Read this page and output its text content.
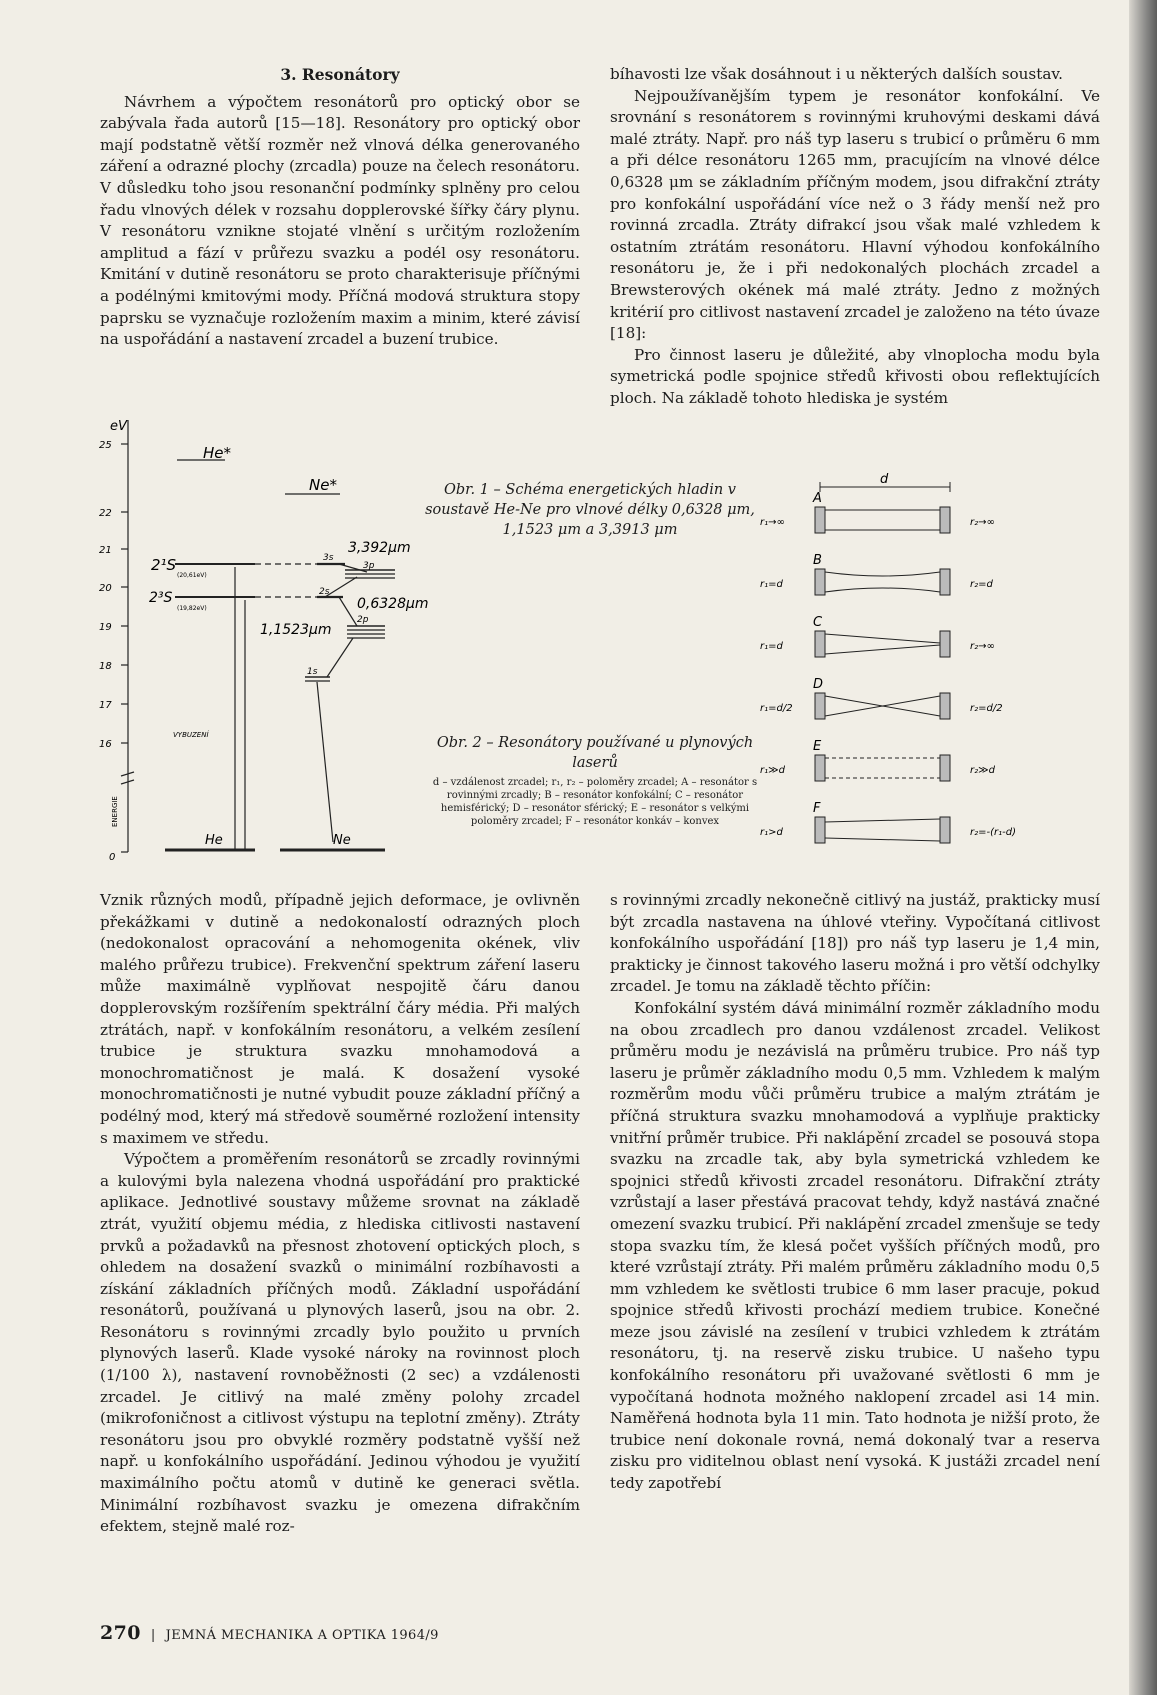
3. Resonátory

Návrhem a výpočtem resonátorů pro optický obor se zabývala řada autorů [15—18]. Resonátory pro optický obor mají podstatně větší rozměr než vlnová délka generovaného záření a odrazné plochy (zrcadla) pouze na čelech resonátoru. V důsledku toho jsou resonanční podmínky splněny pro celou řadu vlnových délek v rozsahu dopplerovské šířky čáry plynu. V resonátoru vznikne stojaté vlnění s určitým rozložením amplitud a fází v průřezu svazku a podél osy resonátoru. Kmitání v dutině resonátoru se proto charakterisuje příčnými a podélnými kmitovými mody. Příčná modová struktura stopy paprsku se vyznačuje rozložením maxim a minim, které závisí na uspořádání a nastavení zrcadel a buzení trubice.

bíhavosti lze však dosáhnout i u některých dalších soustav.

Nejpoužívanějším typem je resonátor konfokální. Ve srovnání s resonátorem s rovinnými kruhovými deskami dává malé ztráty. Např. pro náš typ laseru s trubicí o průměru 6 mm a při délce resonátoru 1265 mm, pracujícím na vlnové délce 0,6328 μm se základním příčným modem, jsou difrakční ztráty pro konfokální uspořádání více než o 3 řády menší než pro rovinná zrcadla. Ztráty difrakcí jsou však malé vzhledem k ostatním ztrátám resonátoru. Hlavní výhodou konfokálního resonátoru je, že i při nedokonalých plochách zrcadel a Brewsterových okének má malé ztráty. Jedno z možných kritérií pro citlivost nastavení zrcadel je založeno na této úvaze [18]:

Pro činnost laseru je důležité, aby vlnoplocha modu byla symetrická podle spojnice středů křivosti obou reflektujících ploch. Na základě tohoto hlediska je systém

eV
25
22
21
20
19
18
17
16
0
ENERGIE
He*
Ne*
2¹S
2³S
(20,61eV)
(19,82eV)
3s
3p
2s
2p
1s
3,392μm
0,6328μm
1,1523μm
VYBUZENÍ
He	Ne
Obr. 1 – Schéma energetických hladin v soustavě He-Ne pro vlnové délky 0,6328 μm, 1,1523 μm a 3,3913 μm
d
A
r₁→∞	r₂→∞
B
r₁=d	r₂=d
C
r₁=d	r₂→∞
D
r₁=d/2	r₂=d/2
E
r₁≫d	r₂≫d
F
r₁>d	r₂=-(r₁-d)
Obr. 2 – Resonátory používané u plynových laserů
d – vzdálenost zrcadel; r₁, r₂ – poloměry zrcadel; A – resonátor s rovinnými zrcadly; B – resonátor konfokální; C – resonátor hemisférický; D – resonátor sférický; E – resonátor s velkými poloměry zrcadel; F – resonátor konkáv – konvex

Vznik různých modů, případně jejich deformace, je ovlivněn překážkami v dutině a nedokonalostí odrazných ploch (nedokonalost opracování a nehomogenita okének, vliv malého průřezu trubice). Frekvenční spektrum záření laseru může maximálně vyplňovat nespojitě čáru danou dopplerovským rozšířením spektrální čáry média. Při malých ztrátách, např. v konfokálním resonátoru, a velkém zesílení trubice je struktura svazku mnohamodová a monochromatičnost je malá. K dosažení vysoké monochromatičnosti je nutné vybudit pouze základní příčný a podélný mod, který má středově souměrné rozložení intensity s maximem ve středu.

Výpočtem a proměřením resonátorů se zrcadly rovinnými a kulovými byla nalezena vhodná uspořádání pro praktické aplikace. Jednotlivé soustavy můžeme srovnat na základě ztrát, využití objemu média, z hlediska citlivosti nastavení prvků a požadavků na přesnost zhotovení optických ploch, s ohledem na dosažení svazků o minimální rozbíhavosti a získání základních příčných modů. Základní uspořádání resonátorů, používaná u plynových laserů, jsou na obr. 2. Resonátoru s rovinnými zrcadly bylo použito u prvních plynových laserů. Klade vysoké nároky na rovinnost ploch (1/100 λ), nastavení rovnoběžnosti (2 sec) a vzdálenosti zrcadel. Je citlivý na malé změny polohy zrcadel (mikrofoničnost a citlivost výstupu na teplotní změny). Ztráty resonátoru jsou pro obvyklé rozměry podstatně vyšší než např. u konfokálního uspořádání. Jedinou výhodou je využití maximálního počtu atomů v dutině ke generaci světla. Minimální rozbíhavost svazku je omezena difrakčním efektem, stejně malé roz-

s rovinnými zrcadly nekonečně citlivý na justáž, prakticky musí být zrcadla nastavena na úhlové vteřiny. Vypočítaná citlivost konfokálního uspořádání [18]) pro náš typ laseru je 1,4 min, prakticky je činnost takového laseru možná i pro větší odchylky zrcadel. Je tomu na základě těchto příčin:

Konfokální systém dává minimální rozměr základního modu na obou zrcadlech pro danou vzdálenost zrcadel. Velikost průměru modu je nezávislá na průměru trubice. Pro náš typ laseru je průměr základního modu 0,5 mm. Vzhledem k malým rozměrům modu vůči průměru trubice a malým ztrátám je příčná struktura svazku mnohamodová a vyplňuje prakticky vnitřní průměr trubice. Při naklápění zrcadel se posouvá stopa svazku na zrcadle tak, aby byla symetrická vzhledem ke spojnici středů křivosti zrcadel resonátoru. Difrakční ztráty vzrůstají a laser přestává pracovat tehdy, když nastává značné omezení svazku trubicí. Při naklápění zrcadel zmenšuje se tedy stopa svazku tím, že klesá počet vyšších příčných modů, pro které vzrůstají ztráty. Při malém průměru základního modu 0,5 mm vzhledem ke světlosti trubice 6 mm laser pracuje, pokud spojnice středů křivosti prochází mediem trubice. Konečné meze jsou závislé na zesílení v trubici vzhledem k ztrátám resonátoru, tj. na reservě zisku trubice. U našeho typu konfokálního resonátoru při uvažované světlosti 6 mm je vypočítaná hodnota možného naklopení zrcadel asi 14 min. Naměřená hodnota byla 11 min. Tato hodnota je nižší proto, že trubice není dokonale rovná, nemá dokonalý tvar a reserva zisku pro viditelnou oblast není vysoká. K justáži zrcadel není tedy zapotřebí

270 | JEMNÁ MECHANIKA A OPTIKA 1964/9
